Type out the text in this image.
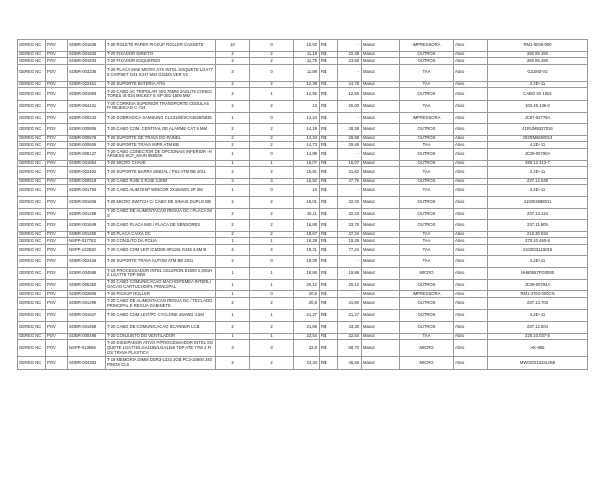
GEREG NC	POV	SOBR-001536	T-20 ROLETE PAPER PICKUP ROLLER CASSETE	10	0	10,62	R$	-	Manut	IMPRESSORA	Ativo	RM1-0036-000
GEREG NC	POV	SOBR-001833	T-20 FIXADOR DIREITO	2	2	11,19	R$	22,38	Manut	OUTROS	Ativo	260 85 280
GEREG NC	POV	SOBR-001834	T-20 FIXADOR ESQUERDO	2	2	11,75	R$	23,50	Manut	OUTROS	Ativo	260 85 280
GEREG NC	POV	SOBR-003336	T-20 PLACA MAE MICRO ATX INTEL SOQUETE LGA775 CHIPSET G31 ICH7 MSI G31M3 VER V2	3	0	11,89	R$	-	Manut	TAA	Ativo	G31M3-V2
GEREG NC	POV	SOBR-002461	T-20 SUPORTE BATERIA ATM	2	2	12,39	R$	24,78	Manut	TAA	Ativo	4,2E+11
GEREG NC	POV	SOBR-001893	T-20 CABO AC TRIPOLAR 3X0,75MM 3ASL/75 CONECTORES IS-034 MICKEY E SP-381-1800 MM	2	1	12,55	R$	12,55	Manut	OUTROS	Ativo	CABO 3X 1001
GEREG NC	POV	SOBR-004431	T-20 CORREIA SUPERIOR TRANSPORTE CEDULAS P/ REJEICAO C-724	2	2	13	R$	26,00	Manut	TAA	Ativo	102.49.136-0
GEREG NC	POV	SOBR-000242	T-20 DOBRADICA SAMSUNG CLX3160/SCX4828/5835	1	0	13,24	R$	-	Manut	IMPRESSORA	Ativo	JC97-02778A
GEREG NC	POV	SOBR-000606	T-20 CABO COM. CENTRAL DE ALARME CAT 5 MM	2	2	14,19	R$	28,38	Manut	OUTROS	Ativo	41RUM5327016
GEREG NC	POV	SOBR-000676	T-20 SUPORTE DE TRAVA DO PAINEL	2	2	14,34	R$	28,68	Manut	OUTROS	Ativo	203RM6650014
GEREG NC	POV	SOBR-000926	T-20 SUPORTE TRAVA IMPR ATM BB	2	2	14,73	R$	29,46	Manut	TAA	Ativo	4,2E+11
GEREG NC	POV	SOBR-008137	T-20 CABO CONECTOR DE OPCIONAIS INFERIOR -HARNESS-SCF_MAIN 6555XK	1	0	14,89	R$	-	Manut	OUTROS	Ativo	JC39-00790A
GEREG NC	POV	SOBR-001654	T-20 MICRO CHAVE	1	1	15,07	R$	15,07	Manut	OUTROS	Ativo	280 12 313-7
GEREG NC	POV	SOBR-002402	T-20 SUPORTE BARRA SINDAL / PS2 ATM BB 2011	2	2	15,81	R$	31,62	Manut	TAA	Ativo	4,2E+11
GEREG NC	POV	SOBR-000518	T-20 CABO RJ45 X RJ45 3,00M	3	3	15,92	R$	47,76	Manut	OUTROS	Ativo	237.12.649
GEREG NC	POV	SOBR-001794	T-20 CABO ALIM DISP WINCOR 2X18AWG 2P 3M	1	0	16	R$	-	Manut	TAA	Ativo	4,2E+11
GEREG NC	POV	SOBR-001606	T-20 MICRO SWITCH C/ CABO DE SINAIS DUPLO BB	2	2	16,01	R$	32,02	Manut	OUTROS	Ativo	410304688011
GEREG NC	POV	SOBR-001296	T-20 CABO DE ALIMENTACAO REGUA DC / PLACA IMS	2	2	16,11	R$	32,22	Manut	OUTROS	Ativo	237.13.124
GEREG NC	POV	SOBR-001649	T-20 CABO PLACA IMS / PLACA DE SENSORES	2	2	16,88	R$	33,76	Manut	OUTROS	Ativo	237.11.905
GEREG NC	POV	SOBR-001250	T-20 PLACA CAIXA DC	2	2	18,67	R$	37,34	Manut	TAA	Ativo	219.30.034
GEREG NC	POV	NSPP-017783	T-20 CONJUTO DA POLIA	1	1	19,29	R$	19,29	Manut	TAA	Ativo	270.10.460-8
GEREG NC	POV	NSPP-122530	T-20 CABO COM LEIT ICM300-3R1181 RJ45 4,5M B	4	4	19,31	R$	77,24	Manut	TAA	Ativo	4103031115015
GEREG NC	POV	SOBR-002426	T-20 SUPORTE TRAVA AUTOM ATM BB 2011	2	0	19,39	R$	-	Manut	TAA	Ativo	4,2E+11
GEREG NC	POV	SOBR-004588	T-19 PROCESSADOR INTEL CELERON E1600 2,40GHZ LGA775 TDP 65W	1	1	19,86	R$	19,86	Manut	MICRO	Ativo	HH80557PG0080
GEREG NC	POV	SOBR-005350	T-20 CABO COMUNICACAO MACHO/FEMEA INTERLIGACAO CARTUCHO/PL PRINCIPAL	1	1	20,12	R$	20,12	Manut	OUTROS	Ativo	JC39-00784A
GEREG NC	POV	SOBR-002605	T-20 PICKUP ROLLER	1	0	20,5	R$	-	Manut	IMPRESSORA	Ativo	RM1-3763-000CN
GEREG NC	POV	SOBR-001296	T-20 CABO DE ALIMENTACAO REGUA DC / TECLADO PRINCIPAL E REGUA GABINETE	2	2	20,8	R$	41,60	Manut	OUTROS	Ativo	237.13.703
GEREG NC	POV	SOBR-001627	T-20 CABO COM LEIT/PC CYCLONE 28AWG 4,5M	1	1	21,27	R$	21,27	Manut	OUTROS	Ativo	4,2E+11
GEREG NC	POV	SOBR-001659	T-20 CABO DE COMUNICACAO SCANNER LCB	2	2	21,65	R$	43,30	Manut	OUTROS	Ativo	237.12.504
GEREG NC	POV	SOBR-000496	T-20 CONJUNTO DO VENTILADOR	1	1	22,54	R$	22,54	Manut	TAA	Ativo	220.10.037-5
GEREG NC	POV	NSPP-013586	T-20 DISSIPADOR ATIVO P/PROCESSADOR INTEL SOQUETE LGA775/LGA1155/LGA1156 TDP ATE 77W 3 FIOS TRAVA PLASTICA	3	3	22,9	R$	68,70	Manut	MICRO	Ativo	AK-955
GEREG NC	POV	SOBR-004383	T-19 MEMORIA DIMM DDR3-1333 2GB PC3-10600 240 PINOS CL9	2	2	23,34	R$	46,68	Manut	MICRO	Ativo	MW02GI1333L058
